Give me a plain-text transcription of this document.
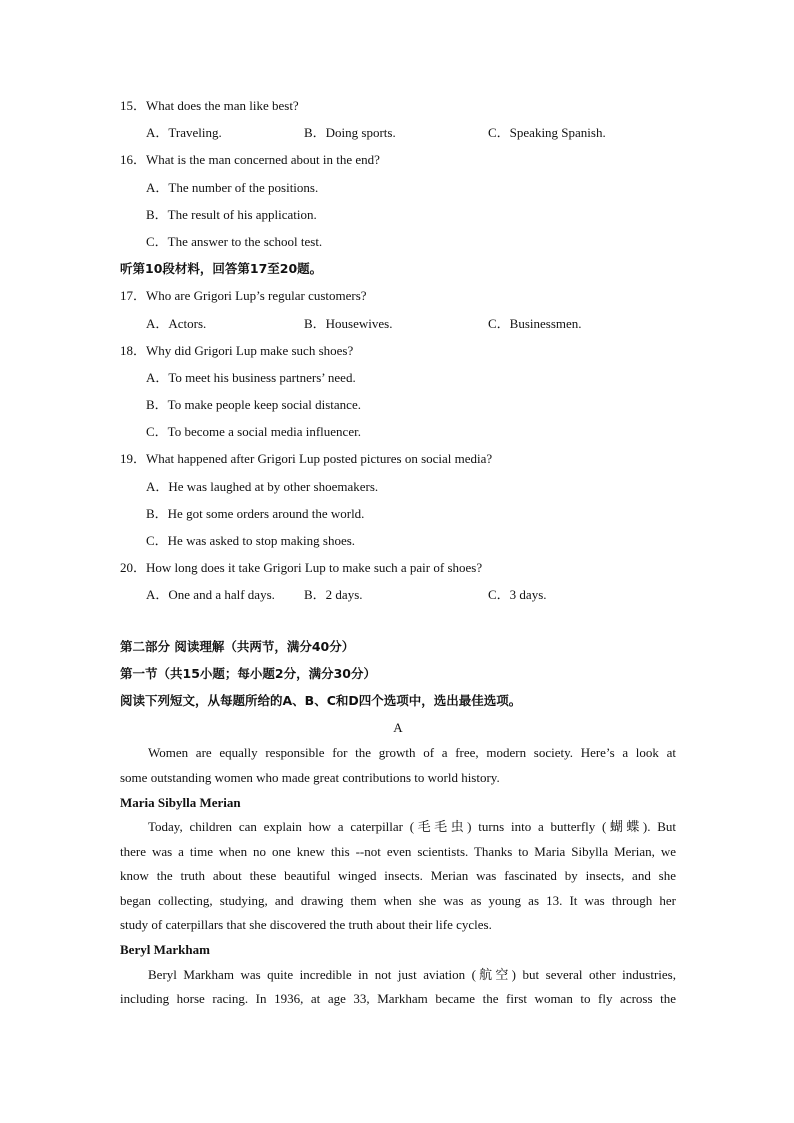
15．What does the man like best?
A．Traveling.	B．Doing sports.	C．Speaking Spanish.
16．What is the man concerned about in the end?
A．The number of the positions.
B．The result of his application.
C．The answer to the school test.
听第10段材料，回答第17至20题。
17．Who are Grigori Lup’s regular customers?
A．Actors.	B．Housewives.	C．Businessmen.
18．Why did Grigori Lup make such shoes?
A．To meet his business partners’ need.
B．To make people keep social distance.
C．To become a social media influencer.
19．What happened after Grigori Lup posted pictures on social media?
A．He was laughed at by other shoemakers.
B．He got some orders around the world.
C．He was asked to stop making shoes.
20．How long does it take Grigori Lup to make such a pair of shoes?
A．One and a half days. B．2 days.	C．3 days.
第二部分 阅读理解（共两节，满分40分）
第一节（共15小题；每小题2分，满分30分）
阅读下列短文，从每题所给的A、B、C和D四个选项中，选出最佳选项。
A
Women are equally responsible for the growth of a free, modern society. Here’s a look at
some outstanding women who made great contributions to world history.
Maria Sibylla Merian
Today, children can explain how a caterpillar (毛毛虫) turns into a butterfly (蝴蝶). But
there was a time when no one knew this --not even scientists. Thanks to Maria Sibylla Merian, we
know the truth about these beautiful winged insects. Merian was fascinated by insects, and she
began collecting, studying, and drawing them when she was as young as 13. It was through her
study of caterpillars that she discovered the truth about their life cycles.
Beryl Markham
Beryl Markham was quite incredible in not just aviation (航空) but several other industries,
including horse racing. In 1936, at age 33, Markham became the first woman to fly across the
